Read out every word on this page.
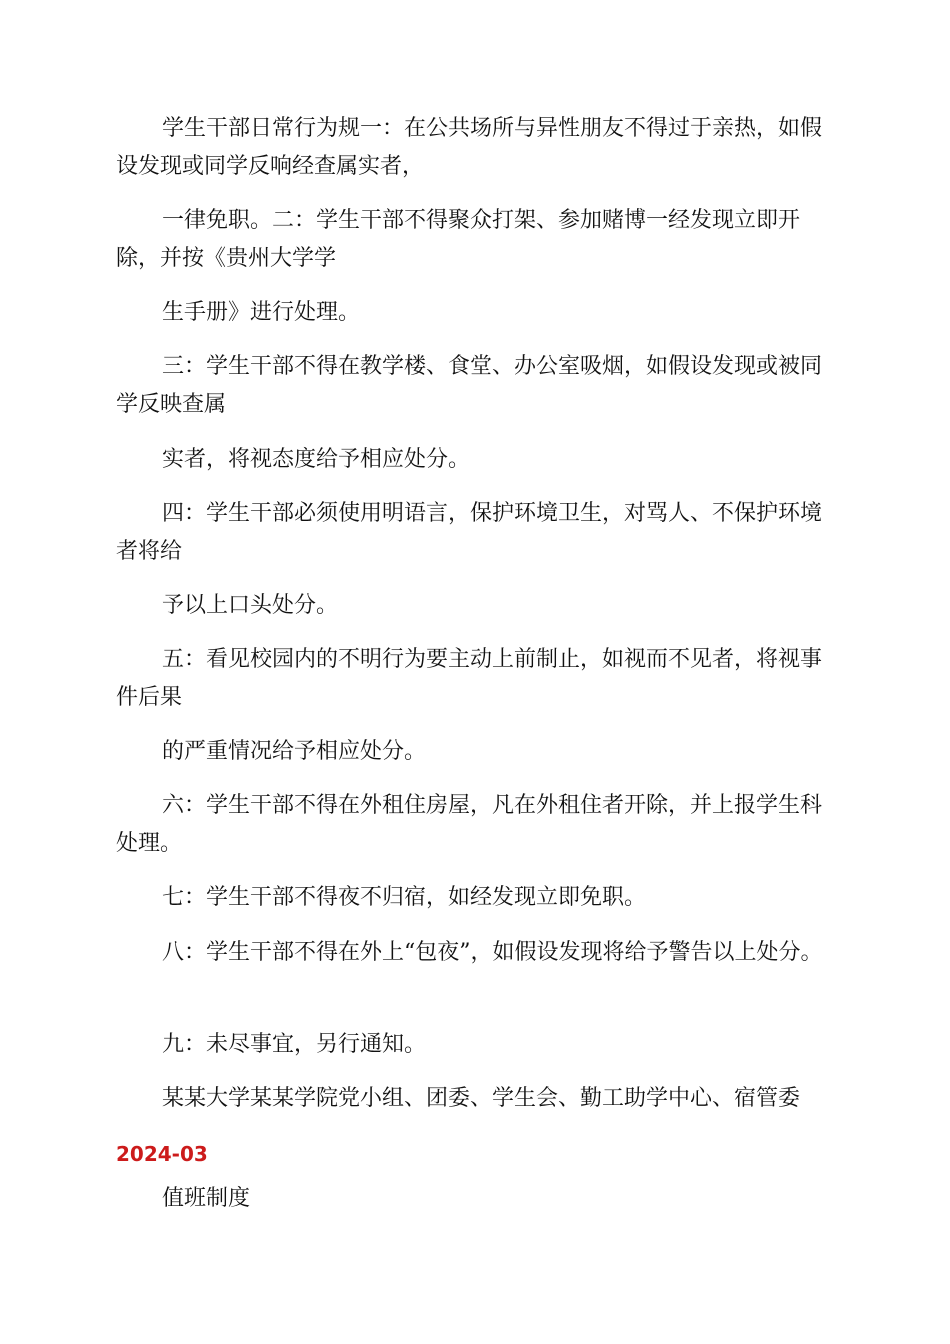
学生干部日常行为规一：在公共场所与异性朋友不得过于亲热，如假设发现或同学反响经查属实者，

一律免职。二：学生干部不得聚众打架、参加赌博一经发现立即开除，并按《贵州大学学

生手册》进行处理。

三：学生干部不得在教学楼、食堂、办公室吸烟，如假设发现或被同学反映查属

实者，将视态度给予相应处分。

四：学生干部必须使用明语言，保护环境卫生，对骂人、不保护环境者将给

予以上口头处分。

五：看见校园内的不明行为要主动上前制止，如视而不见者，将视事件后果

的严重情况给予相应处分。

六：学生干部不得在外租住房屋，凡在外租住者开除，并上报学生科处理。

七：学生干部不得夜不归宿，如经发现立即免职。

八：学生干部不得在外上“包夜”，如假设发现将给予警告以上处分。

九：未尽事宜，另行通知。

某某大学某某学院党小组、团委、学生会、勤工助学中心、宿管委

2024-03

值班制度
